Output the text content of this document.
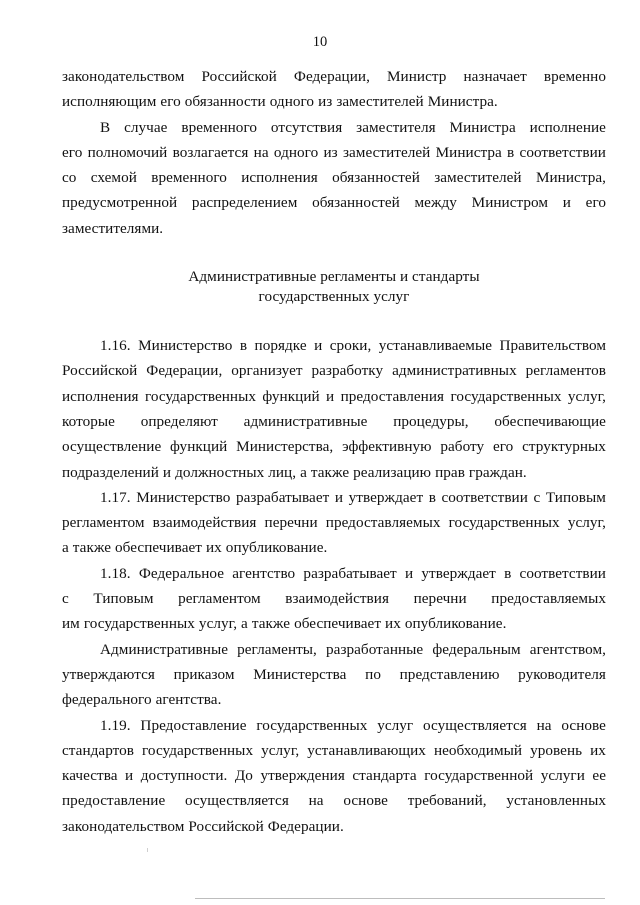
10
законодательством Российской Федерации, Министр назначает временно
исполняющим его обязанности одного из заместителей Министра.
В случае временного отсутствия заместителя Министра исполнение
его полномочий возлагается на одного из заместителей Министра в соответствии
со схемой временного исполнения обязанностей заместителей Министра,
предусмотренной распределением обязанностей между Министром и его
заместителями.
Административные регламенты и стандарты
государственных услуг
1.16. Министерство в порядке и сроки, устанавливаемые Правительством
Российской Федерации, организует разработку административных регламентов
исполнения государственных функций и предоставления государственных услуг,
которые определяют административные процедуры, обеспечивающие
осуществление функций Министерства, эффективную работу его структурных
подразделений и должностных лиц, а также реализацию прав граждан.
1.17. Министерство разрабатывает и утверждает в соответствии с Типовым
регламентом взаимодействия перечни предоставляемых государственных услуг,
а также обеспечивает их опубликование.
1.18. Федеральное агентство разрабатывает и утверждает в соответствии
с Типовым регламентом взаимодействия перечни предоставляемых
им государственных услуг, а также обеспечивает их опубликование.
Административные регламенты, разработанные федеральным агентством,
утверждаются приказом Министерства по представлению руководителя
федерального агентства.
1.19. Предоставление государственных услуг осуществляется на основе
стандартов государственных услуг, устанавливающих необходимый уровень их
качества и доступности. До утверждения стандарта государственной услуги ее
предоставление осуществляется на основе требований, установленных
законодательством Российской Федерации.
